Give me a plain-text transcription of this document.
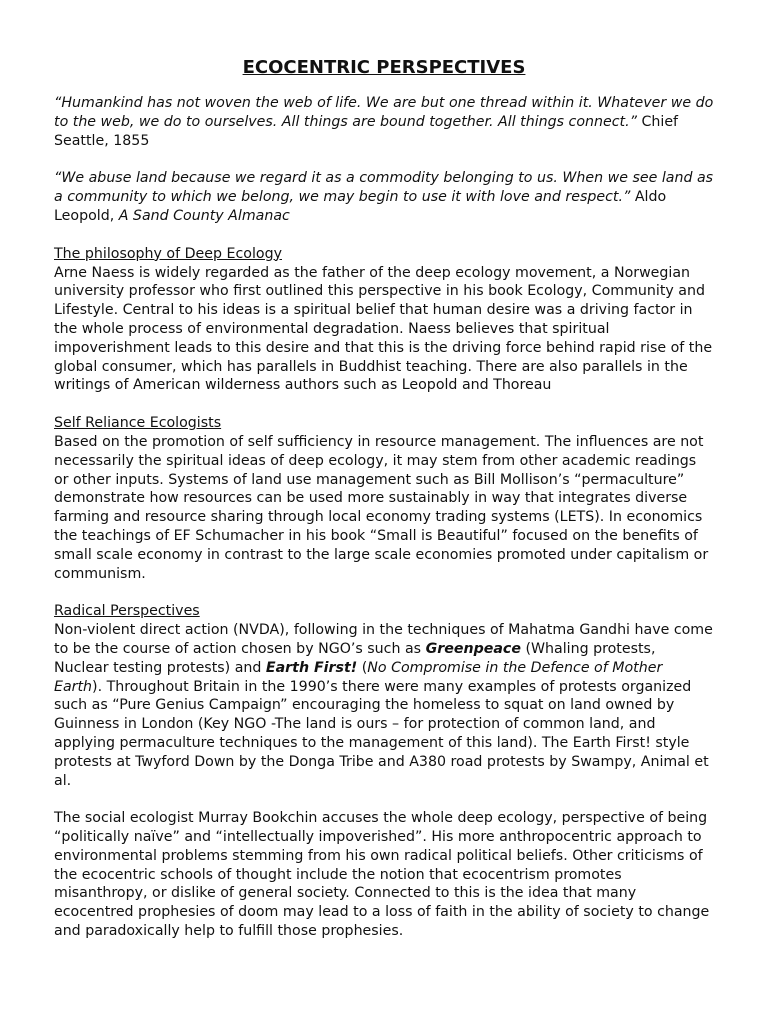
ECOCENTRIC PERSPECTIVES

“Humankind has not woven the web of life. We are but one thread within it. Whatever we do to the web, we do to ourselves. All things are bound together. All things connect.” Chief Seattle, 1855

“We abuse land because we regard it as a commodity belonging to us. When we see land as a community to which we belong, we may begin to use it with love and respect.” Aldo Leopold, A Sand County Almanac

The philosophy of Deep Ecology

Arne Naess is widely regarded as the father of the deep ecology movement, a Norwegian university professor who first outlined this perspective in his book Ecology, Community and Lifestyle. Central to his ideas is a spiritual belief that human desire was a driving factor in the whole process of environmental degradation. Naess believes that spiritual impoverishment leads to this desire and that this is the driving force behind rapid rise of the global consumer, which has parallels in Buddhist teaching. There are also parallels in the writings of American wilderness authors such as Leopold and Thoreau

Self Reliance Ecologists

Based on the promotion of self sufficiency in resource management. The influences are not necessarily the spiritual ideas of deep ecology, it may stem from other academic readings or other inputs. Systems of land use management such as Bill Mollison’s “permaculture” demonstrate how resources can be used more sustainably in way that integrates diverse farming and resource sharing through local economy trading systems (LETS). In economics the teachings of EF Schumacher in his book “Small is Beautiful” focused on the benefits of small scale economy in contrast to the large scale economies promoted under capitalism or communism.

Radical Perspectives

Non-violent direct action (NVDA), following in the techniques of Mahatma Gandhi have come to be the course of action chosen by NGO’s such as Greenpeace (Whaling protests, Nuclear testing protests) and Earth First! (No Compromise in the Defence of Mother Earth). Throughout Britain in the 1990’s there were many examples of protests organized such as “Pure Genius Campaign” encouraging the homeless to squat on land owned by Guinness in London (Key NGO -The land is ours – for protection of common land, and applying permaculture techniques to the management of this land). The Earth First! style protests at Twyford Down by the Donga Tribe and A380 road protests by Swampy, Animal et al.

The social ecologist Murray Bookchin accuses the whole deep ecology, perspective of being “politically naïve” and “intellectually impoverished”. His more anthropocentric approach to environmental problems stemming from his own radical political beliefs. Other criticisms of the ecocentric schools of thought include the notion that ecocentrism promotes misanthropy, or dislike of general society. Connected to this is the idea that many ecocentred prophesies of doom may lead to a loss of faith in the ability of society to change and paradoxically help to fulfill those prophesies.
